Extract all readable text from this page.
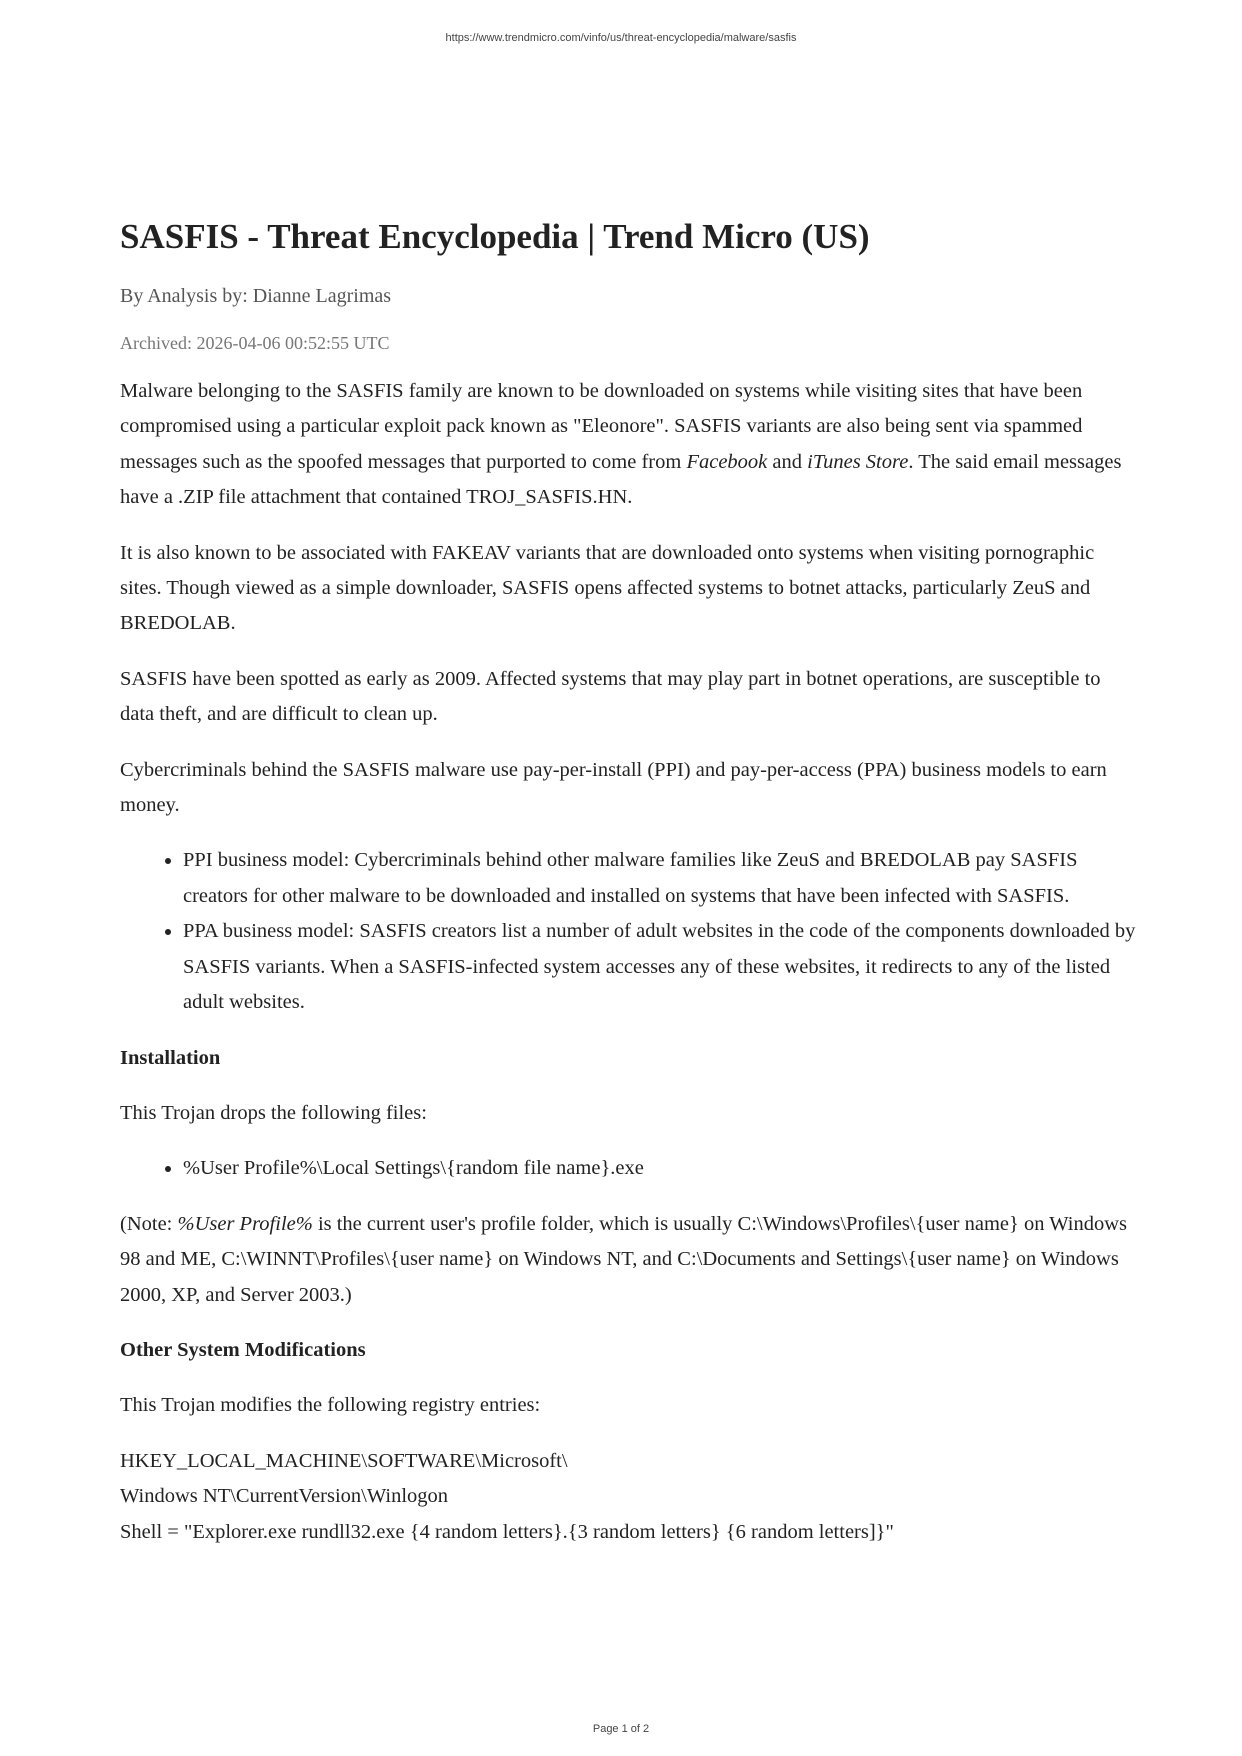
https://www.trendmicro.com/vinfo/us/threat-encyclopedia/malware/sasfis
SASFIS - Threat Encyclopedia | Trend Micro (US)
By Analysis by: Dianne Lagrimas
Archived: 2026-04-06 00:52:55 UTC

Malware belonging to the SASFIS family are known to be downloaded on systems while visiting sites that have been compromised using a particular exploit pack known as "Eleonore". SASFIS variants are also being sent via spammed messages such as the spoofed messages that purported to come from Facebook and iTunes Store. The said email messages have a .ZIP file attachment that contained TROJ_SASFIS.HN.

It is also known to be associated with FAKEAV variants that are downloaded onto systems when visiting pornographic sites. Though viewed as a simple downloader, SASFIS opens affected systems to botnet attacks, particularly ZeuS and BREDOLAB.

SASFIS have been spotted as early as 2009. Affected systems that may play part in botnet operations, are susceptible to data theft, and are difficult to clean up.

Cybercriminals behind the SASFIS malware use pay-per-install (PPI) and pay-per-access (PPA) business models to earn money.

• PPI business model: Cybercriminals behind other malware families like ZeuS and BREDOLAB pay SASFIS creators for other malware to be downloaded and installed on systems that have been infected with SASFIS.
• PPA business model: SASFIS creators list a number of adult websites in the code of the components downloaded by SASFIS variants. When a SASFIS-infected system accesses any of these websites, it redirects to any of the listed adult websites.
Installation

This Trojan drops the following files:

• %User Profile%\Local Settings\{random file name}.exe

(Note: %User Profile% is the current user's profile folder, which is usually C:\Windows\Profiles\{user name} on Windows 98 and ME, C:\WINNT\Profiles\{user name} on Windows NT, and C:\Documents and Settings\{user name} on Windows 2000, XP, and Server 2003.)

Other System Modifications

This Trojan modifies the following registry entries:

HKEY_LOCAL_MACHINE\SOFTWARE\Microsoft\
Windows NT\CurrentVersion\Winlogon
Shell = "Explorer.exe rundll32.exe {4 random letters}.{3 random letters} {6 random letters]}"
Page 1 of 2
